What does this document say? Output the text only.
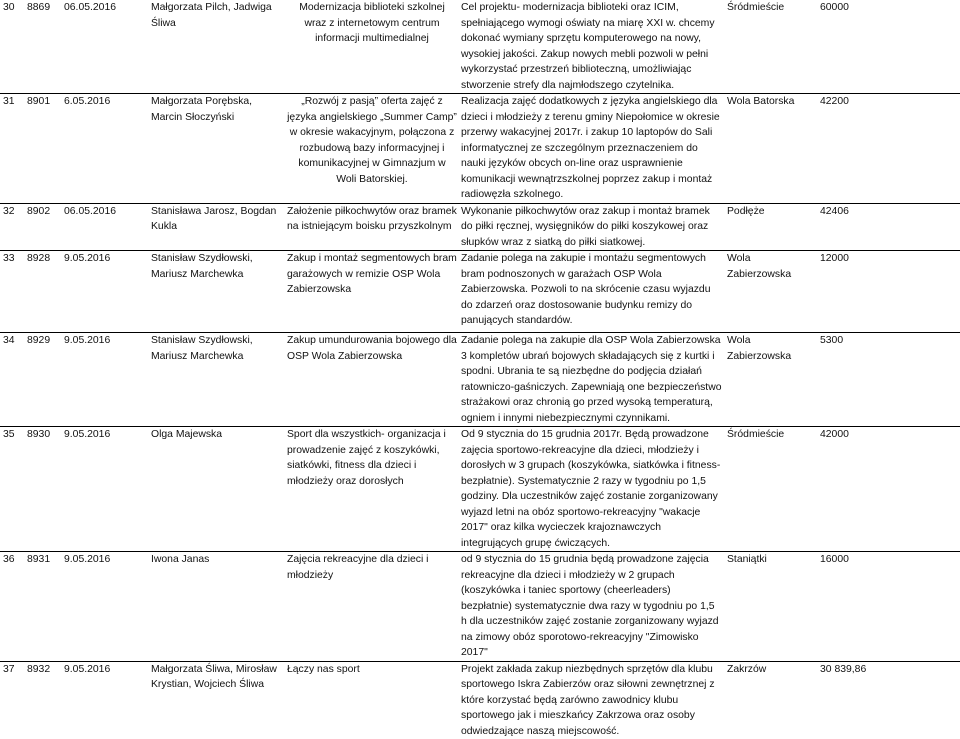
30	8869	06.05.2016	Małgorzata Pilch, Jadwiga Śliwa	Modernizacja biblioteki szkolnej wraz z internetowym centrum informacji multimedialnej	Cel projektu- modernizacja biblioteki oraz ICIM, spełniającego wymogi oświaty na miarę XXI w. chcemy dokonać wymiany sprzętu komputerowego na nowy, wysokiej jakości. Zakup nowych mebli pozwoli w pełni wykorzystać przestrzeń biblioteczną, umożliwiając stworzenie strefy dla najmłodszego czytelnika.	Śródmieście	60000
31	8901	6.05.2016	Małgorzata Porębska, Marcin Słoczyński	„Rozwój z pasją” oferta zajęć z języka angielskiego „Summer Camp” w okresie wakacyjnym, połączona z rozbudową bazy informacyjnej i komunikacyjnej w Gimnazjum w Woli Batorskiej.	Realizacja zajęć dodatkowych z języka angielskiego dla dzieci i młodzieży z terenu gminy Niepołomice w okresie przerwy wakacyjnej 2017r. i zakup 10 laptopów do Sali informatycznej ze szczególnym przeznaczeniem do nauki języków obcych on-line oraz usprawnienie komunikacji wewnątrzszkolnej poprzez zakup i montaż radiowęzła szkolnego.	Wola Batorska	42200
32	8902	06.05.2016	Stanisława Jarosz, Bogdan Kukla	Założenie piłkochwytów oraz bramek na istniejącym boisku przyszkolnym	Wykonanie piłkochwytów oraz zakup i montaż bramek do piłki ręcznej, wysięgników do piłki koszykowej oraz słupków wraz z siatką do piłki siatkowej.	Podłęże	42406
33	8928	9.05.2016	Stanisław Szydłowski, Mariusz Marchewka	Zakup i montaż segmentowych bram garażowych w remizie OSP Wola Zabierzowska	Zadanie polega na zakupie i montażu segmentowych bram podnoszonych w garażach OSP Wola Zabierzowska. Pozwoli to na skrócenie czasu wyjazdu do zdarzeń oraz dostosowanie budynku remizy do panujących standardów.	Wola Zabierzowska	12000
34	8929	9.05.2016	Stanisław Szydłowski, Mariusz Marchewka	Zakup umundurowania bojowego dla OSP Wola Zabierzowska	Zadanie polega na zakupie dla OSP Wola Zabierzowska 3 kompletów ubrań bojowych składających się z kurtki i spodni. Ubrania te są niezbędne do podjęcia działań ratowniczo-gaśniczych. Zapewniają one bezpieczeństwo strażakowi oraz chronią go przed wysoką temperaturą, ogniem i innymi niebezpiecznymi czynnikami.	Wola Zabierzowska	5300
35	8930	9.05.2016	Olga Majewska	Sport dla wszystkich- organizacja i prowadzenie zajęć z koszykówki, siatkówki, fitness dla dzieci i młodzieży oraz dorosłych	Od 9 stycznia do 15 grudnia 2017r. Będą prowadzone zajęcia sportowo-rekreacyjne dla dzieci, młodzieży i dorosłych w 3 grupach (koszykówka, siatkówka i fitness- bezpłatnie). Systematycznie 2 razy w tygodniu po 1,5 godziny. Dla uczestników zajęć zostanie zorganizowany wyjazd letni na obóz sportowo-rekreacyjny "wakacje 2017" oraz kilka wycieczek krajoznawczych integrujących grupę ćwiczących.	Śródmieście	42000
36	8931	9.05.2016	Iwona Janas	Zajęcia rekreacyjne dla dzieci i młodzieży	od 9 stycznia do 15 grudnia będą prowadzone zajęcia rekreacyjne dla dzieci i młodzieży w 2 grupach (koszykówka i taniec sportowy (cheerleaders) bezpłatnie) systematycznie dwa razy w tygodniu po 1,5 h dla uczestników zajęć zostanie zorganizowany wyjazd na zimowy obóz sporotowo-rekreacyjny "Zimowisko 2017"	Staniątki	16000
37	8932	9.05.2016	Małgorzata Śliwa, Mirosław Krystian, Wojciech Śliwa	Łączy nas sport	Projekt zakłada zakup niezbędnych sprzętów dla klubu sportowego Iskra Zabierzów oraz siłowni zewnętrznej z które korzystać będą zarówno zawodnicy klubu sportowego jak i mieszkańcy Zakrzowa oraz osoby odwiedzające naszą miejscowość.	Zakrzów	30 839,86
